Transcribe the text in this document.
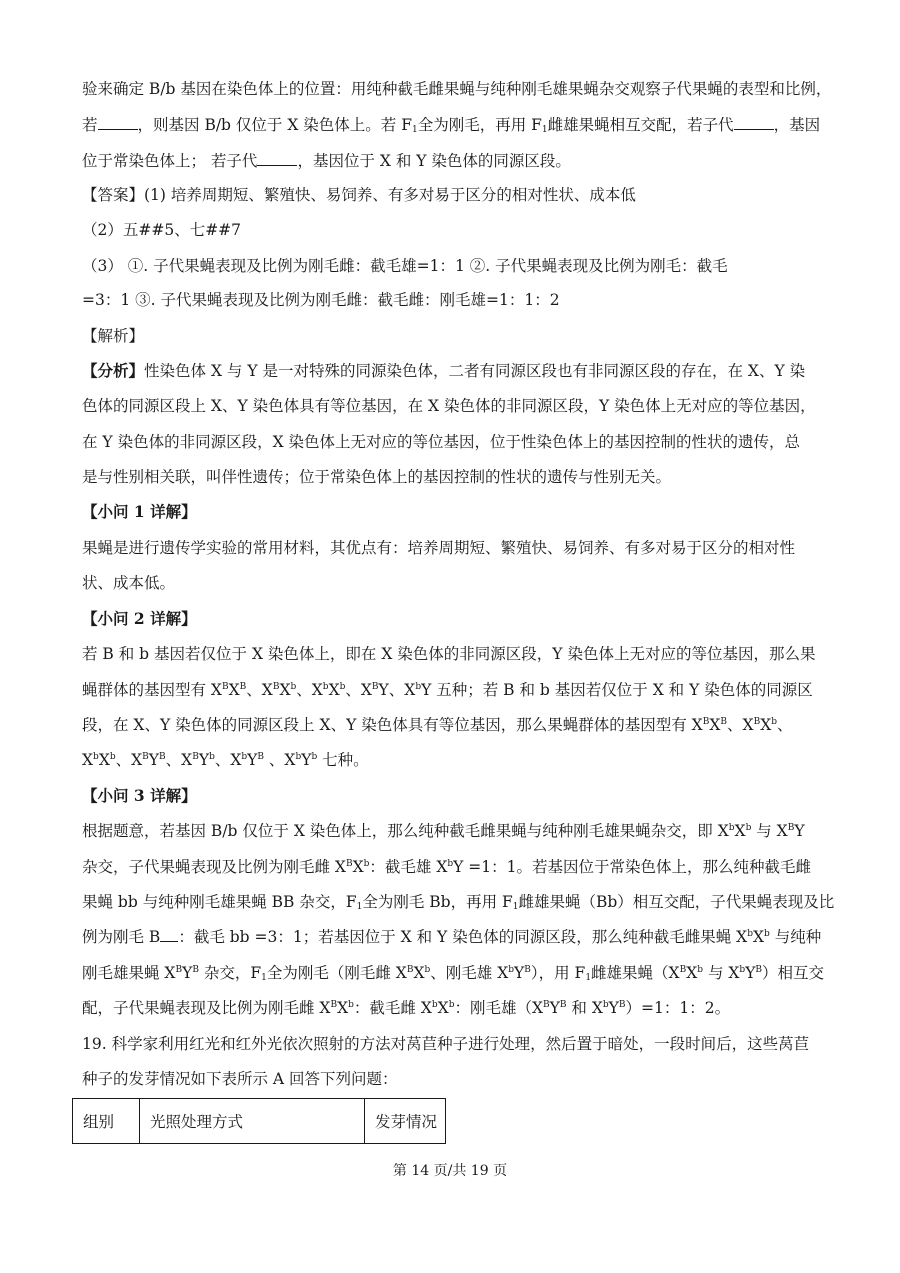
验来确定 B/b 基因在染色体上的位置：用纯种截毛雌果蝇与纯种刚毛雄果蝇杂交观察子代果蝇的表型和比例，
若	，则基因 B/b 仅位于 X 染色体上。若 $F_1$全为刚毛，再用 $F_1$雌雄果蝇相互交配，若子代	，基因
位于常染色体上； 若子代	，基因位于 X 和 Y 染色体的同源区段。
【答案】(1) 培养周期短、繁殖快、易饲养、有多对易于区分的相对性状、成本低
（2）五##5、七##7
（3） ①. 子代果蝇表现及比例为刚毛雌：截毛雄=1：1 ②. 子代果蝇表现及比例为刚毛：截毛
=3：1 ③. 子代果蝇表现及比例为刚毛雌：截毛雌：刚毛雄=1：1：2
【解析】
【分析】性染色体 X 与 Y 是一对特殊的同源染色体，二者有同源区段也有非同源区段的存在，在 X、Y 染
色体的同源区段上 X、Y 染色体具有等位基因，在 X 染色体的非同源区段，Y 染色体上无对应的等位基因，
在 Y 染色体的非同源区段，X 染色体上无对应的等位基因，位于性染色体上的基因控制的性状的遗传，总
是与性别相关联，叫伴性遗传；位于常染色体上的基因控制的性状的遗传与性别无关。
【小问 1 详解】
果蝇是进行遗传学实验的常用材料，其优点有：培养周期短、繁殖快、易饲养、有多对易于区分的相对性
状、成本低。
【小问 2 详解】
若 B 和 b 基因若仅位于 X 染色体上，即在 X 染色体的非同源区段，Y 染色体上无对应的等位基因，那么果
蝇群体的基因型有 $X^BX^B$、$X^BX^b$、$X^bX^b$、$X^BY$、$X^bY$ 五种；若 B 和 b 基因若仅位于 X 和 Y 染色体的同源区
段，在 X、Y 染色体的同源区段上 X、Y 染色体具有等位基因，那么果蝇群体的基因型有 $X^BX^B$、$X^BX^b$、
$X^bX^b$、$X^BY^B$、$X^BY^b$、$X^bY^B$ 、$X^bY^b$ 七种。
【小问 3 详解】
根据题意，若基因 B/b 仅位于 X 染色体上，那么纯种截毛雌果蝇与纯种刚毛雄果蝇杂交，即 $X^bX^b$ 与 $X^BY$
杂交，子代果蝇表现及比例为刚毛雌 $X^BX^b$：截毛雄 $X^bY =1$：1。若基因位于常染色体上，那么纯种截毛雌
果蝇 bb 与纯种刚毛雄果蝇 BB 杂交，$F_1$全为刚毛 Bb，再用 $F_1$雌雄果蝇（Bb）相互交配，子代果蝇表现及比
例为刚毛 B ：截毛 bb =3：1；若基因位于 X 和 Y 染色体的同源区段，那么纯种截毛雌果蝇 $X^bX^b$ 与纯种
刚毛雄果蝇 $X^BY^B$ 杂交，$F_1$全为刚毛（刚毛雌 $X^BX^b$、刚毛雄 $X^bY^B$），用 $F_1$雌雄果蝇（$X^BX^b$ 与 $X^bY^B$）相互交
配，子代果蝇表现及比例为刚毛雌 $X^BX^b$：截毛雌 $X^bX^b$：刚毛雄（$X^BY^B$ 和 $X^bY^B)=1$：1：2。
19. 科学家利用红光和红外光依次照射的方法对莴苣种子进行处理，然后置于暗处，一段时间后，这些莴苣
种子的发芽情况如下表所示 A 回答下列问题：
组别	光照处理方式	发芽情况
第 14 页/共 19 页
